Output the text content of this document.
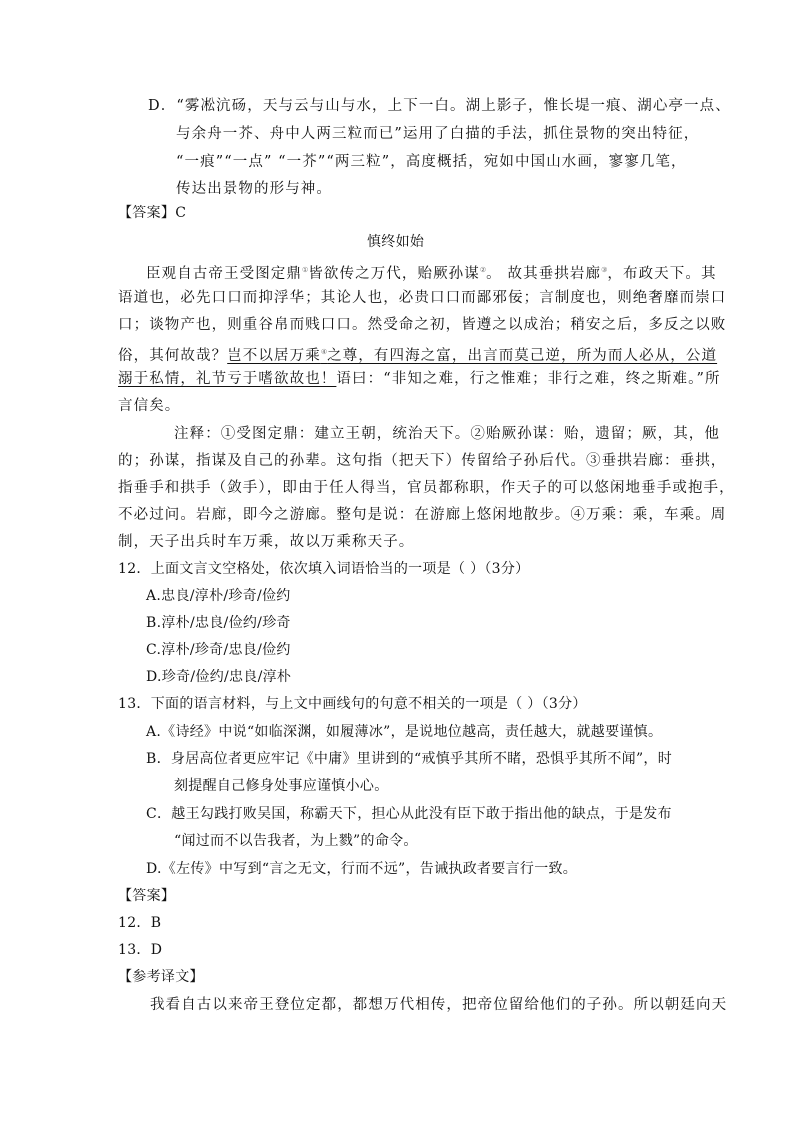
D．“雾凇沆砀，天与云与山与水，上下一白。湖上影子，惟长堤一痕、湖心亭一点、
与余舟一芥、舟中人两三粒而已”运用了白描的手法，抓住景物的突出特征，
“一痕”“一点” “一芥”“两三粒”，高度概括，宛如中国山水画，寥寥几笔，
传达出景物的形与神。
【答案】C
慎终如始
臣观自古帝王受图定鼎①皆欲传之万代，贻厥孙谋②。 故其垂拱岩廊③，布政天下。其
语道也，必先口口而抑浮华；其论人也，必贵口口而鄙邪佞；言制度也，则绝奢靡而崇口
口；谈物产也，则重谷帛而贱口口。然受命之初，皆遵之以成治；稍安之后，多反之以败
俗，其何故哉？岂不以居万乘④之尊，有四海之富，出言而莫己逆，所为而人必从，公道
溺于私情，礼节亏于嗜欲故也！语曰：“非知之难，行之惟难；非行之难，终之斯难。”所
言信矣。
注释：①受图定鼎：建立王朝，统治天下。②贻厥孙谋：贻，遗留；厥，其，他
的；孙谋，指谋及自己的孙辈。这句指（把天下）传留给子孙后代。③垂拱岩廊：垂拱，
指垂手和拱手（敛手），即由于任人得当，官员都称职，作天子的可以悠闲地垂手或抱手，
不必过问。岩廊，即今之游廊。整句是说：在游廊上悠闲地散步。④万乘：乘，车乘。周
制，天子出兵时车万乘，故以万乘称天子。
12．上面文言文空格处，依次填入词语恰当的一项是（ ）（3分）
A.忠良/淳朴/珍奇/俭约
B.淳朴/忠良/俭约/珍奇
C.淳朴/珍奇/忠良/俭约
D.珍奇/俭约/忠良/淳朴
13．下面的语言材料，与上文中画线句的句意不相关的一项是（ ）（3分）
A.《诗经》中说“如临深渊，如履薄冰”，是说地位越高，责任越大，就越要谨慎。
B．身居高位者更应牢记《中庸》里讲到的“戒慎乎其所不睹，恐惧乎其所不闻”，时
刻提醒自己修身处事应谨慎小心。
C．越王勾践打败吴国，称霸天下，担心从此没有臣下敢于指出他的缺点，于是发布
“闻过而不以告我者，为上戮”的命令。
D.《左传》中写到“言之无文，行而不远”，告诫执政者要言行一致。
【答案】
12．B
13．D
【参考译文】
我看自古以来帝王登位定都，都想万代相传，把帝位留给他们的子孙。所以朝廷向天
